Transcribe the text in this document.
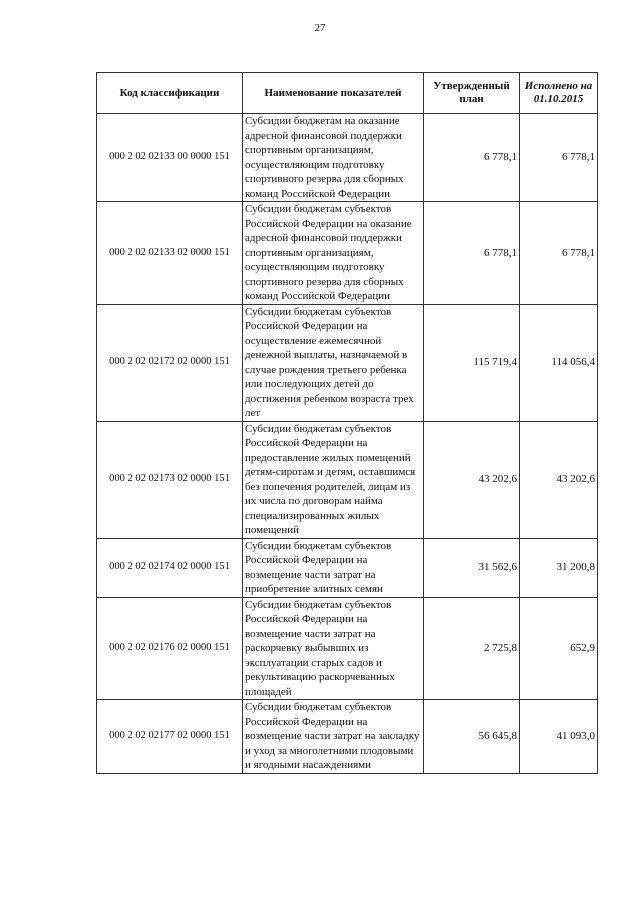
27
Код классификации	Наименование показателей	Утвержденный план	Исполнено на
01.10.2015
000 2 02 02133 00 0000 151	Субсидии бюджетам на оказание адресной финансовой поддержки спортивным организациям, осуществляющим подготовку спортивного резерва для сборных команд Российской Федерации	6 778,1	6 778,1
000 2 02 02133 02 0000 151	Субсидии бюджетам субъектов Российской Федерации на оказание адресной финансовой поддержки спортивным организациям, осуществляющим подготовку спортивного резерва для сборных команд Российской Федерации	6 778,1	6 778,1
000 2 02 02172 02 0000 151	Субсидии бюджетам субъектов Российской Федерации на осуществление ежемесячной денежной выплаты, назначаемой в случае рождения третьего ребенка или последующих детей до достижения ребенком возраста трех лет	115 719,4	114 056,4
000 2 02 02173 02 0000 151	Субсидии бюджетам субъектов Российской Федерации на предоставление жилых помещений детям-сиротам и детям, оставшимся без попечения родителей, лицам из их числа по договорам найма специализированных жилых помещений	43 202,6	43 202,6
000 2 02 02174 02 0000 151	Субсидии бюджетам субъектов Российской Федерации на возмещение части затрат на приобретение элитных семян	31 562,6	31 200,8
000 2 02 02176 02 0000 151	Субсидии бюджетам субъектов Российской Федерации на возмещение части затрат на раскорчевку выбывших из эксплуатации старых садов и рекультивацию раскорчеванных площадей	2 725,8	652,9
000 2 02 02177 02 0000 151	Субсидии бюджетам субъектов Российской Федерации на возмещение части затрат на закладку и уход за многолетними плодовыми и ягодными насаждениями	56 645,8	41 093,0
